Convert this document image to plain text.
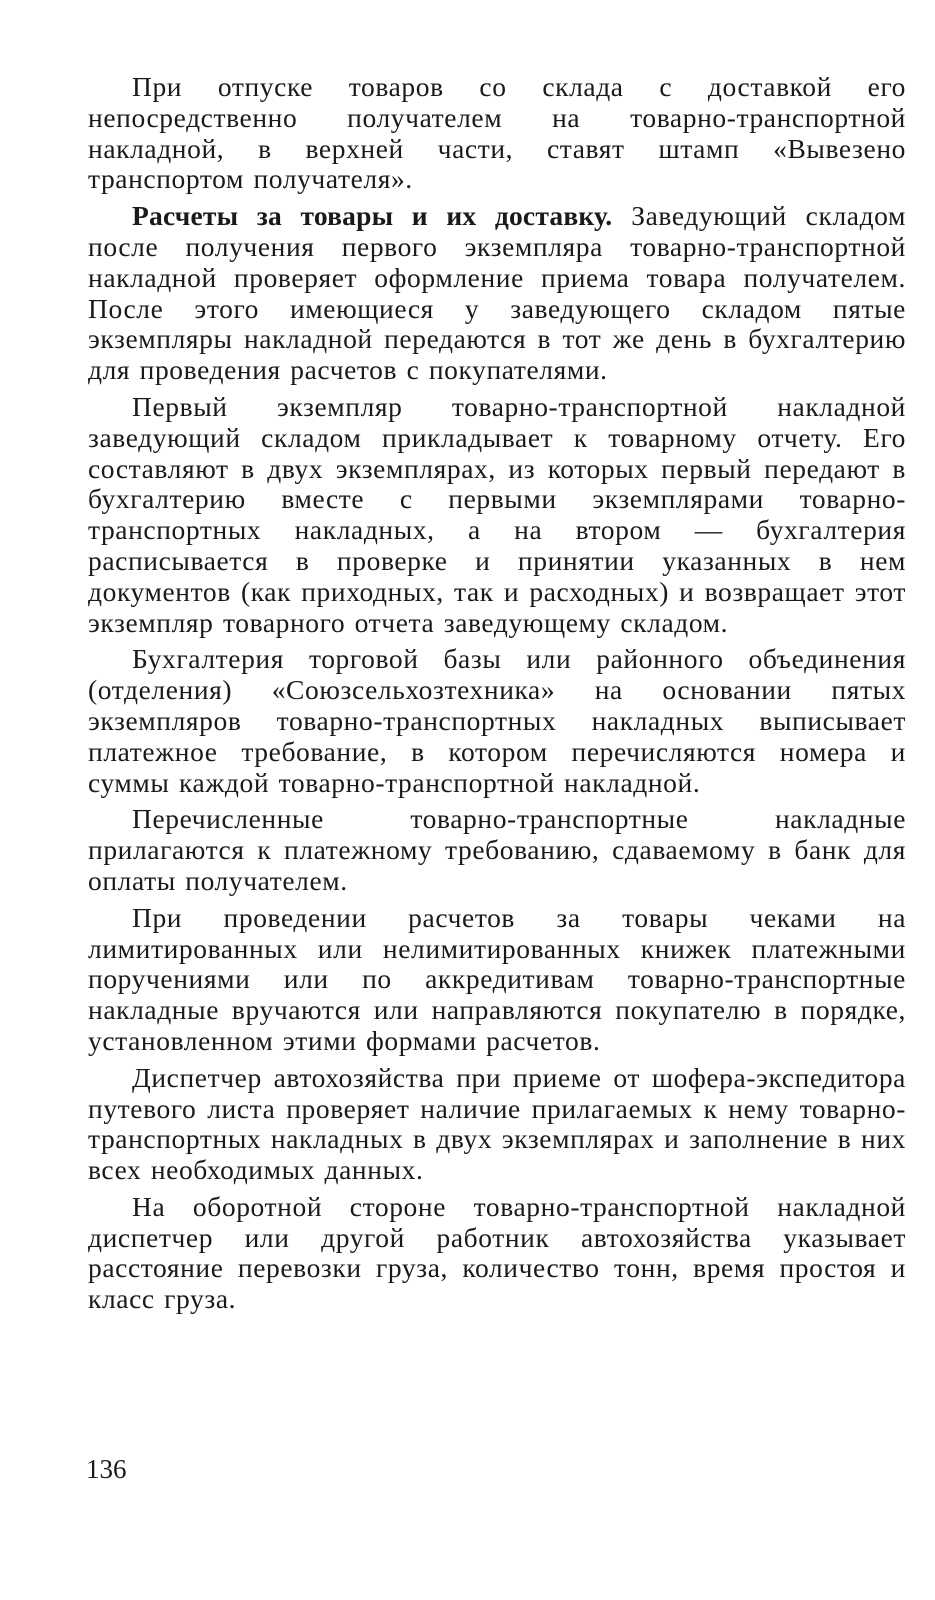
При отпуске товаров со склада с доставкой его непосредственно получателем на товарно-транспортной накладной, в верхней части, ставят штамп «Вывезено транспортом получателя».

Расчеты за товары и их доставку. Заведующий складом после получения первого экземпляра товарно-транспортной накладной проверяет оформление приема товара получателем. После этого имеющиеся у заведующего складом пятые экземпляры накладной передаются в тот же день в бухгалтерию для проведения расчетов с покупателями.

Первый экземпляр товарно-транспортной накладной заведующий складом прикладывает к товарному отчету. Его составляют в двух экземплярах, из которых первый передают в бухгалтерию вместе с первыми экземплярами товарно-транспортных накладных, а на втором — бухгалтерия расписывается в проверке и принятии указанных в нем документов (как приходных, так и расходных) и возвращает этот экземпляр товарного отчета заведующему складом.

Бухгалтерия торговой базы или районного объединения (отделения) «Союзсельхозтехника» на основании пятых экземпляров товарно-транспортных накладных выписывает платежное требование, в котором перечисляются номера и суммы каждой товарно-транспортной накладной.

Перечисленные товарно-транспортные накладные прилагаются к платежному требованию, сдаваемому в банк для оплаты получателем.

При проведении расчетов за товары чеками на лимитированных или нелимитированных книжек платежными поручениями или по аккредитивам товарно-транспортные накладные вручаются или направляются покупателю в порядке, установленном этими формами расчетов.

Диспетчер автохозяйства при приеме от шофера-экспедитора путевого листа проверяет наличие прилагаемых к нему товарно-транспортных накладных в двух экземплярах и заполнение в них всех необходимых данных.

На оборотной стороне товарно-транспортной накладной диспетчер или другой работник автохозяйства указывает расстояние перевозки груза, количество тонн, время простоя и класс груза.

136
